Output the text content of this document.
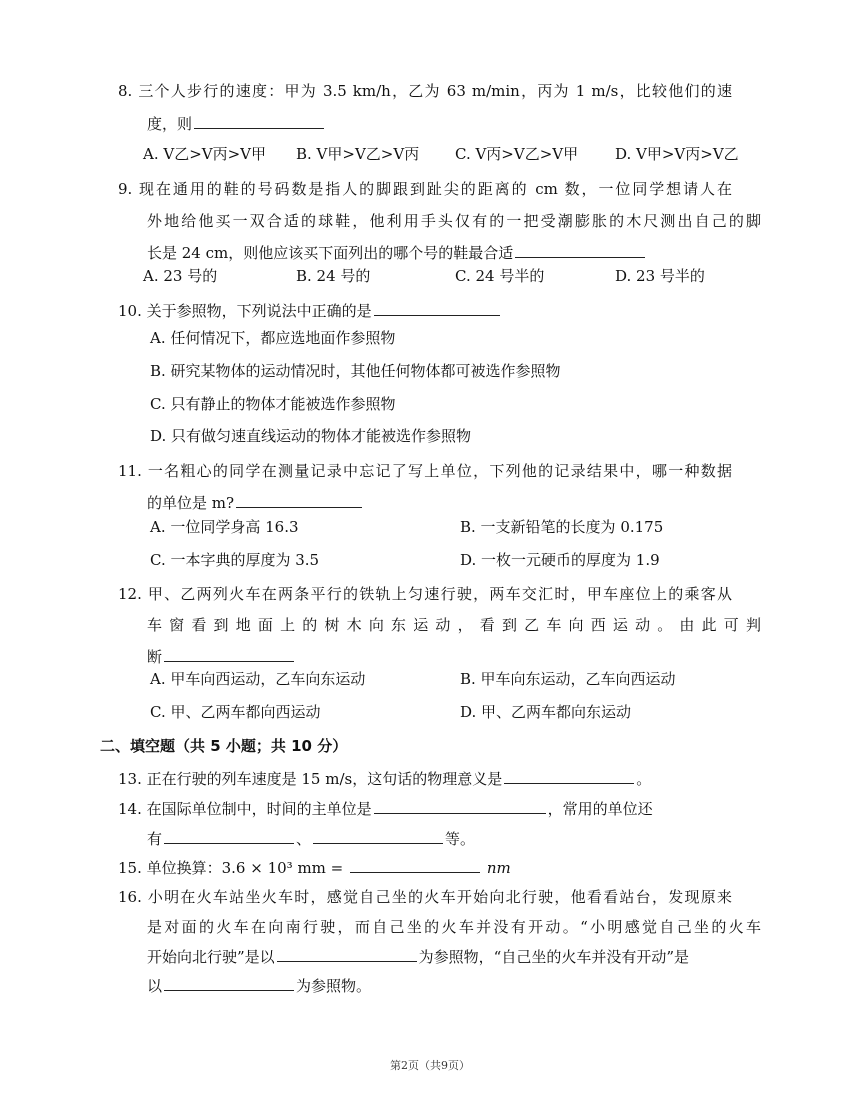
8. 三个人步行的速度：甲为 3.5 km/h，乙为 63 m/min，丙为 1 m/s，比较他们的速
度，则
A. V乙>V丙>V甲 B. V甲>V乙>V丙 C. V丙>V乙>V甲 D. V甲>V丙>V乙
9. 现在通用的鞋的号码数是指人的脚跟到趾尖的距离的 cm 数，一位同学想请人在
外地给他买一双合适的球鞋，他利用手头仅有的一把受潮膨胀的木尺测出自己的脚
长是 24 cm，则他应该买下面列出的哪个号的鞋最合适
A. 23 号的	B. 24 号的	C. 24 号半的	D. 23 号半的
10. 关于参照物，下列说法中正确的是
A. 任何情况下，都应选地面作参照物
B. 研究某物体的运动情况时，其他任何物体都可被选作参照物
C. 只有静止的物体才能被选作参照物
D. 只有做匀速直线运动的物体才能被选作参照物
11. 一名粗心的同学在测量记录中忘记了写上单位，下列他的记录结果中，哪一种数据
的单位是 m?
A. 一位同学身高 16.3	B. 一支新铅笔的长度为 0.175
C. 一本字典的厚度为 3.5	D. 一枚一元硬币的厚度为 1.9
12. 甲、乙两列火车在两条平行的铁轨上匀速行驶，两车交汇时，甲车座位上的乘客从
车窗看到地面上的树木向东运动，看到乙车向西运动。由此可判
断
A. 甲车向西运动，乙车向东运动	B. 甲车向东运动，乙车向西运动
C. 甲、乙两车都向西运动	D. 甲、乙两车都向东运动
二、填空题（共 5 小题；共 10 分）
13. 正在行驶的列车速度是 15 m/s，这句话的物理意义是	。
14. 在国际单位制中，时间的主单位是	，常用的单位还
有	、	等。
15. 单位换算：3.6 × 10³ mm =	nm
16. 小明在火车站坐火车时，感觉自己坐的火车开始向北行驶，他看看站台，发现原来
是对面的火车在向南行驶，而自己坐的火车并没有开动。“小明感觉自己坐的火车
开始向北行驶”是以	为参照物，“自己坐的火车并没有开动”是
以	为参照物。
第2页（共9页）
